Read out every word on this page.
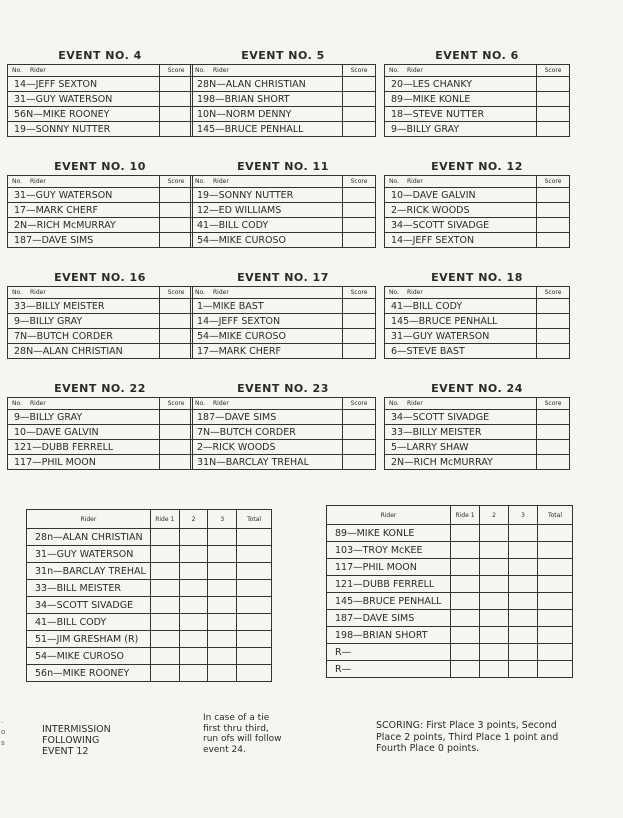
EVENT NO. 4
No. Rider	Score
14—JEFF SEXTON	
31—GUY WATERSON	
56N—MIKE ROONEY	
19—SONNY NUTTER	
EVENT NO. 5
No. Rider	Score
28N—ALAN CHRISTIAN	
198—BRIAN SHORT	
10N—NORM DENNY	
145—BRUCE PENHALL	
EVENT NO. 6
No. Rider	Score
20—LES CHANKY	
89—MIKE KONLE	
18—STEVE NUTTER	
9—BILLY GRAY	
EVENT NO. 10
No. Rider	Score
31—GUY WATERSON	
17—MARK CHERF	
2N—RICH McMURRAY	
187—DAVE SIMS	
EVENT NO. 11
No. Rider	Score
19—SONNY NUTTER	
12—ED WILLIAMS	
41—BILL CODY	
54—MIKE CUROSO	
EVENT NO. 12
No. Rider	Score
10—DAVE GALVIN	
2—RICK WOODS	
34—SCOTT SIVADGE	
14—JEFF SEXTON	
EVENT NO. 16
No. Rider	Score
33—BILLY MEISTER	
9—BILLY GRAY	
7N—BUTCH CORDER	
28N—ALAN CHRISTIAN	
EVENT NO. 17
No. Rider	Score
1—MIKE BAST	
14—JEFF SEXTON	
54—MIKE CUROSO	
17—MARK CHERF	
EVENT NO. 18
No. Rider	Score
41—BILL CODY	
145—BRUCE PENHALL	
31—GUY WATERSON	
6—STEVE BAST	
EVENT NO. 22
No. Rider	Score
9—BILLY GRAY	
10—DAVE GALVIN	
121—DUBB FERRELL	
117—PHIL MOON	
EVENT NO. 23
No. Rider	Score
187—DAVE SIMS	
7N—BUTCH CORDER	
2—RICK WOODS	
31N—BARCLAY TREHAL	
EVENT NO. 24
No. Rider	Score
34—SCOTT SIVADGE	
33—BILLY MEISTER	
5—LARRY SHAW	
2N—RICH McMURRAY	
Rider	Ride 1	2	3	Total
28n—ALAN CHRISTIAN				
31—GUY WATERSON				
31n—BARCLAY TREHAL				
33—BILL MEISTER				
34—SCOTT SIVADGE				
41—BILL CODY				
51—JIM GRESHAM (R)				
54—MIKE CUROSO				
56n—MIKE ROONEY				
Rider	Ride 1	2	3	Total
89—MIKE KONLE				
103—TROY McKEE				
117—PHIL MOON				
121—DUBB FERRELL				
145—BRUCE PENHALL				
187—DAVE SIMS				
198—BRIAN SHORT				
R—				
R—				
INTERMISSION
FOLLOWING
EVENT 12
In case of a tie
first thru third,
run ofs will follow
event 24.
SCORING: First Place 3 points, Second
Place 2 points, Third Place 1 point and
Fourth Place 0 points.
.
o
s
